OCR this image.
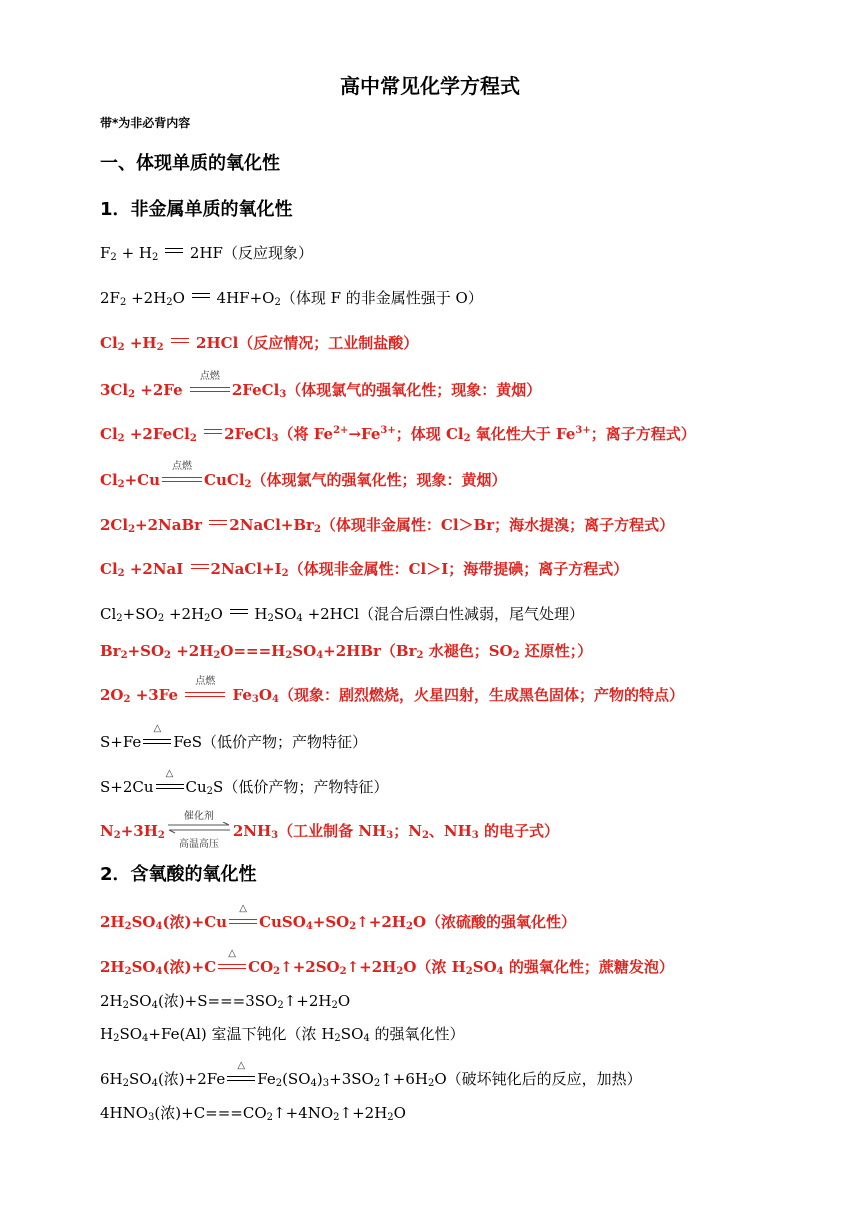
高中常见化学方程式
带*为非必背内容
一、体现单质的氧化性
1．非金属单质的氧化性
$F_2 + H_2$ 2HF（反应现象）
$2F_2 +2H_2O$ $4HF+O_2$（体现 F 的非金属性强于 O）
$Cl_2 +H_2$ 2HCl（反应情况；工业制盐酸）
$3Cl_2 +2Fe$
点燃
2FeCl$_3$（体现氯气的强氧化性；现象：黄烟）
$Cl_2$ +2FeCl$_2$ 2FeCl$_3$（将 $Fe^{2+}\to Fe^{3+}$；体现 $Cl_2$ 氧化性大于 $Fe^{3+}$；离子方程式）
$Cl_2+Cu$
点燃
CuCl$_2$（体现氯气的强氧化性；现象：黄烟）
$2Cl_2+2NaBr$
$2NaCl+Br_2$（体现非金属性：Cl＞Br；海水提溴；离子方程式）
$Cl_2 +2NaI$
$2NaCl+I_2$（体现非金属性：Cl＞I；海带提碘；离子方程式）
$Cl_2+SO_2 +2H_2O$
$H_2SO_4 +2HCl$（混合后漂白性减弱，尾气处理）
$Br_2+SO_2 +2H_2O===H_2SO_4+2HBr(Br_2$ 水褪色；$SO_2$ 还原性；）
$2O_2 +3Fe$
点燃
$Fe_3O_4$（现象：剧烈燃烧，火星四射，生成黑色固体；产物的特点）
S+Fe
△
FeS（低价产物；产物特征）
S+2Cu
△
$Cu_2S$（低价产物；产物特征）
$N_2+3H_2$
催化剂
高温高压
$2NH_3$（工业制备 $NH_3$；$N_2$、$NH_3$ 的电子式）
2．含氧酸的氧化性
$2H_2SO_4$(浓)+Cu
△
$CuSO_4+SO_2↑+2H_2O$（浓硫酸的强氧化性）
$2H_2SO_4$(浓)+C
△
$CO_2↑+2SO_2↑+2H_2O$（浓 $H_2SO_4$ 的强氧化性；蔗糖发泡）
$2H_2SO_4$(浓)$+S===3SO_2↑+2H_2O$
$H_2SO_4+Fe(Al)$ 室温下钝化（浓 $H_2SO_4$ 的强氧化性）
$6H_2SO_4$(浓)+2Fe
△
$Fe_2(SO_4)_3+3SO_2↑+6H_2O$（破坏钝化后的反应，加热）
$4HNO_3$(浓)$+C===CO_2↑+4NO_2↑+2H_2O$
